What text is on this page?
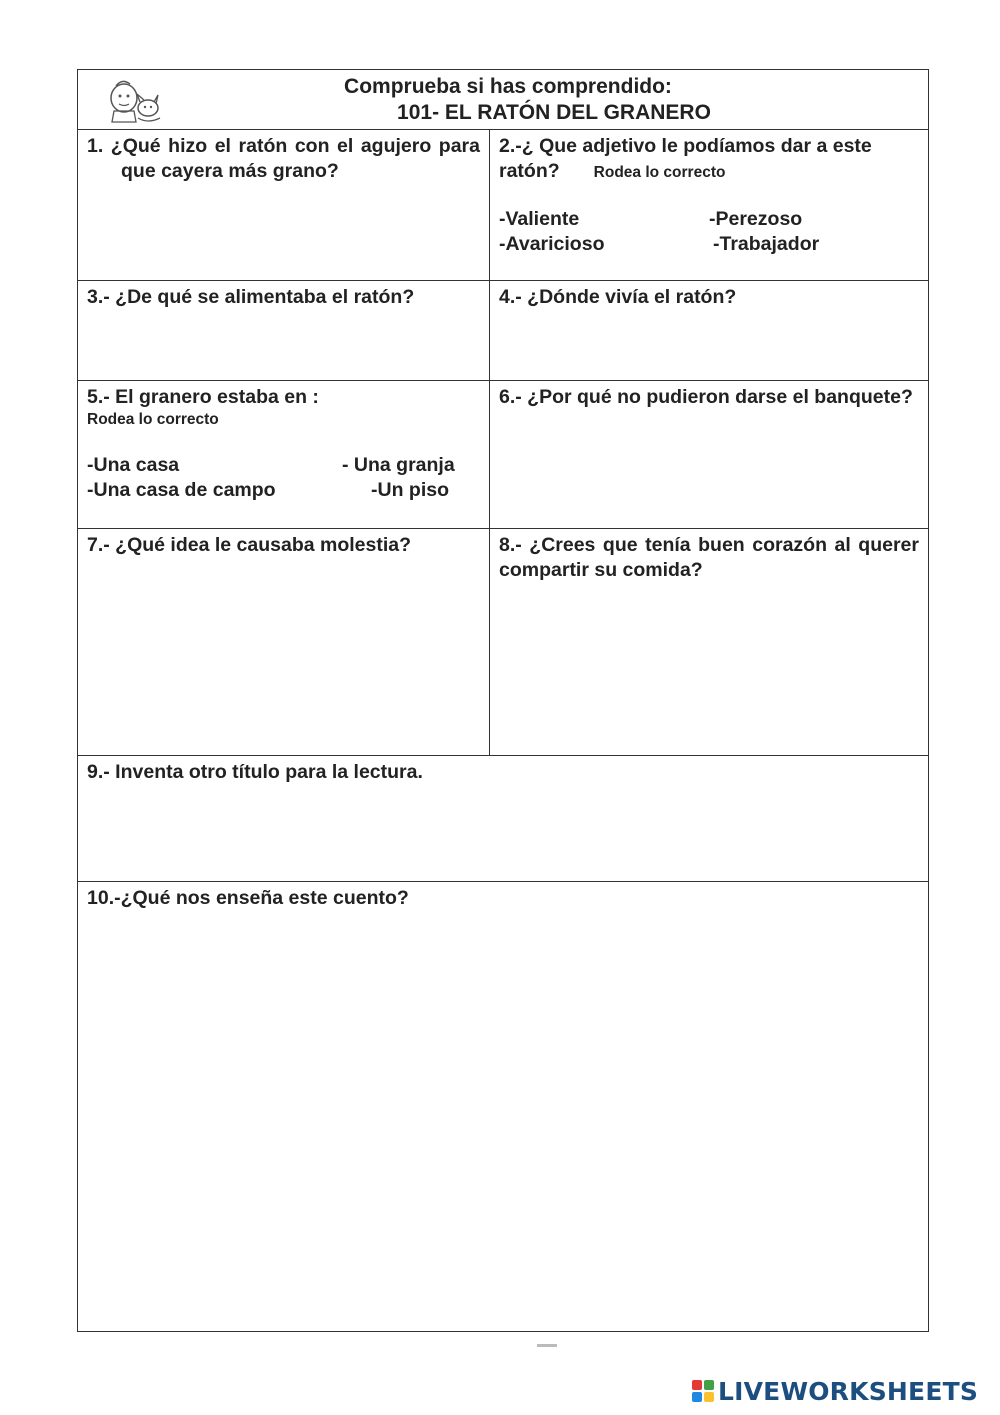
Comprueba si has comprendido:
101- EL RATÓN DEL GRANERO

1. ¿Qué hizo el ratón con el agujero para que cayera más grano?

2.-¿ Que adjetivo le podíamos dar a este ratón? Rodea lo correcto

-Valiente	-Perezoso
-Avaricioso	-Trabajador

3.- ¿De qué se alimentaba el ratón?	4.- ¿Dónde vivía el ratón?

5.- El granero estaba en :

Rodea lo correcto
-Una casa	- Una granja
-Una casa de campo	-Un piso

6.- ¿Por qué no pudieron darse el banquete?

7.- ¿Qué idea le causaba molestia?	8.- ¿Crees que tenía buen corazón al querer compartir su comida?

9.- Inventa otro título para la lectura.

10.-¿Qué nos enseña este cuento?

LIVEWORKSHEETS
